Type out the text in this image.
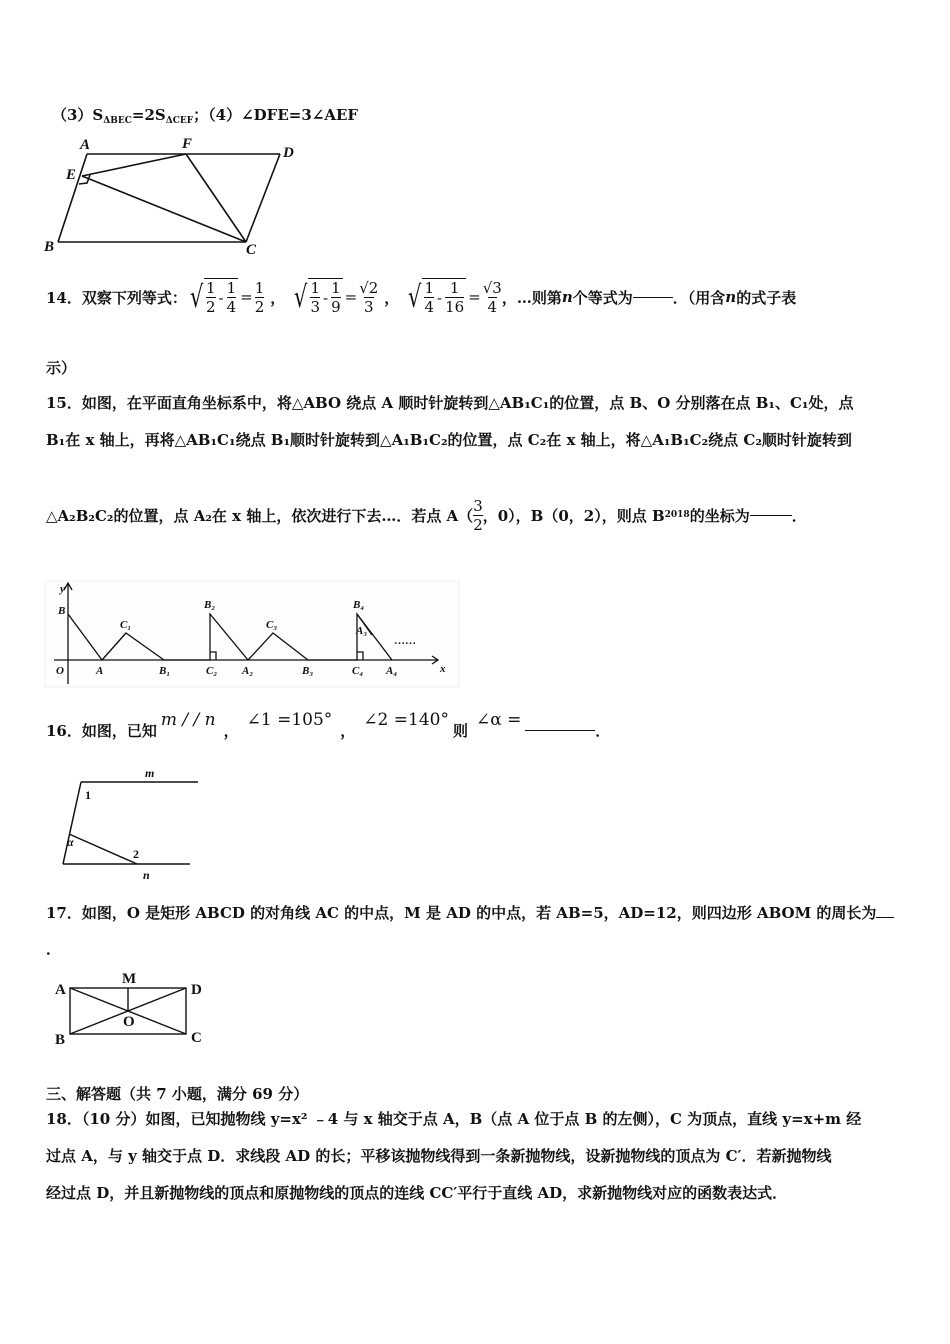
$(3)S_{\Delta BEC}=2S_{\Delta CEF}$；（4）∠DFE=3∠AEF
A	F
D
E
B	C
14．双察下列等式： √ $\frac{1}{2} - \frac{1}{4} = \frac{1}{2}$ ， √ $\frac{1}{3} - \frac{1}{9} = \frac{√2}{3}$ ， √ $\frac{1}{4} - \frac{1}{16} = \frac{√3}{4}$ ，…则第 n 个等式为	．（用含 n 的式子表
示）
15．如图，在平面直角坐标系中，将△ABO 绕点 A 顺时针旋转到△AB₁C₁的位置，点 B、O 分别落在点 B₁、C₁处，点
B₁在 x 轴上，再将△AB₁C₁绕点 B₁顺时针旋转到△A₁B₁C₂的位置，点 C₂在 x 轴上，将△A₁B₁C₂绕点 C₂顺时针旋转到
△A₂B₂C₂的位置，点 A₂在 x 轴上，依次进行下去…．若点 $A( \frac{3}{2}$ ，0），B（0，2），则点 B 2018 的坐标为	．
y
B
O	A
C₁
B₁
B₂
C₂ A₂
C₃
B₃
B₄
A₃
C₄ A₄	x
……
16．如图，已知
m / / n
，
∠1 =105°
，
∠2 =140°
则
∠α =
．
m
1
α
2
n
17．如图，O 是矩形 ABCD 的对角线 AC 的中点，M 是 AD 的中点，若 AB=5，AD=12，则四边形 ABOM 的周长为
．
A
M
D
O
B	C
三、解答题（共 7 小题，满分 69 分）
18．（10 分）如图，已知抛物线 y=x² ﹣4 与 x 轴交于点 A，B（点 A 位于点 B 的左侧），C 为顶点，直线 y=x+m 经
过点 A，与 y 轴交于点 D．求线段 AD 的长；平移该抛物线得到一条新抛物线，设新抛物线的顶点为 C′．若新抛物线
经过点 D，并且新抛物线的顶点和原抛物线的顶点的连线 CC′平行于直线 AD，求新抛物线对应的函数表达式．
